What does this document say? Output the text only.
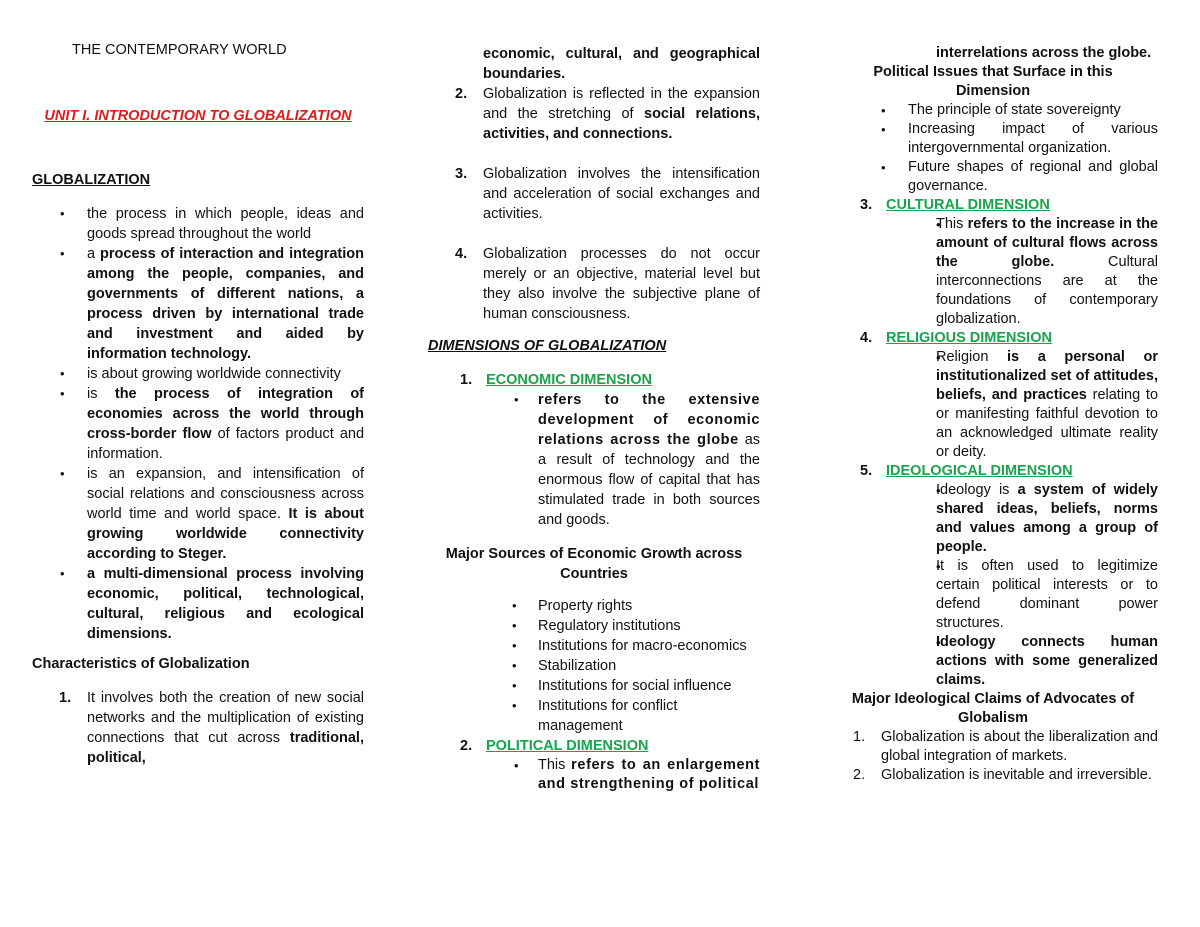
THE CONTEMPORARY WORLD
UNIT I. INTRODUCTION TO GLOBALIZATION
GLOBALIZATION
• the process in which people, ideas and goods spread throughout the world
• a process of interaction and integration among the people, companies, and governments of different nations, a process driven by international trade and investment and aided by information technology.
• is about growing worldwide connectivity
• is the process of integration of economies across the world through cross-border flow of factors product and information.
• is an expansion, and intensification of social relations and consciousness across world time and world space. It is about growing worldwide connectivity according to Steger.
• a multi-dimensional process involving economic, political, technological, cultural, religious and ecological dimensions.
Characteristics of Globalization
1. It involves both the creation of new social networks and the multiplication of existing connections that cut across traditional, political,
economic, cultural, and geographical boundaries.
2. Globalization is reflected in the expansion and the stretching of social relations, activities, and connections.
3. Globalization involves the intensification and acceleration of social exchanges and activities.
4. Globalization processes do not occur merely or an objective, material level but they also involve the subjective plane of human consciousness.
DIMENSIONS OF GLOBALIZATION
1. ECONOMIC DIMENSION
• refers to the extensive development of economic relations across the globe as a result of technology and the enormous flow of capital that has stimulated trade in both sources and goods.
Major Sources of Economic Growth across Countries
• Property rights
• Regulatory institutions
• Institutions for macro-economics
• Stabilization
• Institutions for social influence
• Institutions for conflict management
2. POLITICAL DIMENSION
• This refers to an enlargement and strengthening of political
interrelations across the globe.
Political Issues that Surface in this Dimension
• The principle of state sovereignty
• Increasing impact of various intergovernmental organization.
• Future shapes of regional and global governance.
3. CULTURAL DIMENSION
• This refers to the increase in the amount of cultural flows across the globe.	Cultural interconnections are at the foundations of contemporary globalization.
4. RELIGIOUS DIMENSION
• Religion is a personal or institutionalized set of attitudes, beliefs, and practices relating to or manifesting faithful devotion to an acknowledged ultimate reality or deity.
5. IDEOLOGICAL DIMENSION
• Ideology is a system of widely shared ideas, beliefs, norms and values among a group of people.
• It is often used to legitimize certain political interests or to defend dominant power structures.
• Ideology connects human actions with some generalized claims.
Major Ideological Claims of Advocates of Globalism
1. Globalization is about the liberalization and global integration of markets.
2. Globalization is inevitable and irreversible.
